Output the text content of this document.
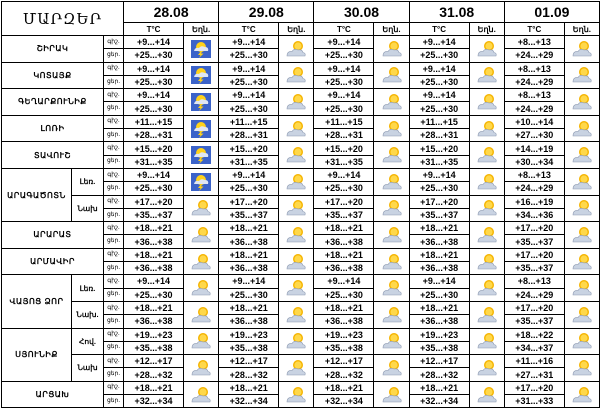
ՄԱՐԶԵՐ			28.08		29.08		30.08		31.08		01.09	
			T°C	Եղն.	T°C	Եղն.	T°C	Եղն.	T°C	Եղն.	T°C	Եղն.
ՇԻՐԱԿ		գիշ.	+9...+14		+9...+14		+9...+14		+9...+14		+8...+13	

		ցեր.	+25...+30		+25...+30		+25...+30		+25...+30		+24...+29	
ԿՈՏԱՅՔ		գիշ.	+9...+14		+9...+14		+9...+14		+9...+14		+8...+13	

		ցեր.	+25...+30		+25...+30		+25...+30		+25...+30		+24...+29	
ԳԵՂԱՐՔՈՒՆԻՔ		գիշ.	+9...+14		+9...+14		+9...+14		+9...+14		+8...+13	

		ցեր.	+25...+30		+25...+30		+25...+30		+25...+30		+24...+29	
ԼՈՌԻ		գիշ.	+11...+15		+11...+15		+11...+15		+11...+15		+10...+14	

		ցեր.	+28...+31		+28...+31		+28...+31		+28...+31		+27...+30	
ՏԱՎՈՒՇ		գիշ.	+15...+20		+15...+20		+15...+20		+15...+20		+14...+19	

		ցեր.	+31...+35		+31...+35		+31...+35		+31...+35		+30...+34	
ԱՐԱԳԱԾՈՏՆ	Լեռ.	գիշ.	+9...+14		+9...+14		+9...+14		+9...+14		+8...+13	

		ցեր.	+25...+30		+25...+30		+25...+30		+25...+30		+24...+29	
	Նախ	գիշ.	+17...+20		+17...+20		+17...+20		+17...+20		+16...+19	

		ցեր.	+35...+37		+35...+37		+35...+37		+35...+37		+34...+36	
ԱՐԱՐԱՏ		գիշ.	+18...+21		+18...+21		+18...+21		+18...+21		+17...+20	

		ցեր.	+36...+38		+36...+38		+36...+38		+36...+38		+35...+37	
ԱՐՄԱՎԻՐ		գիշ.	+18...+21		+18...+21		+18...+21		+18...+21		+17...+20	

		ցեր.	+36...+38		+36...+38		+36...+38		+36...+38		+35...+37	
ՎԱՅՈՑ ՁՈՐ	Լեռ.	գիշ.	+9...+14		+9...+14		+9...+14		+9...+14		+8...+13	

		ցեր.	+25...+30		+25...+30		+25...+30		+25...+30		+24...+29	
	Նախ.	գիշ.	+18...+21		+18...+21		+18...+21		+18...+21		+17...+20	

		ցեր.	+36...+38		+36...+38		+36...+38		+36...+38		+35...+37	
ՍՅՈՒՆԻՔ	Հով.	գիշ.	+19...+23		+19...+23		+19...+23		+19...+23		+18...+22	

		ցեր.	+35...+38		+35...+38		+35...+38		+35...+38		+34...+37	
	Նախ	գիշ.	+12...+17		+12...+17		+12...+17		+12...+17		+11...+16	

		ցեր.	+28...+32		+28...+32		+28...+32		+28...+32		+27...+31	
ԱՐՑԱԽ		գիշ.	+18...+21		+18...+21		+18...+21		+18...+21		+17...+20	

		ցեր.	+32...+34		+32...+34		+32...+34		+32...+34		+31...+33	
